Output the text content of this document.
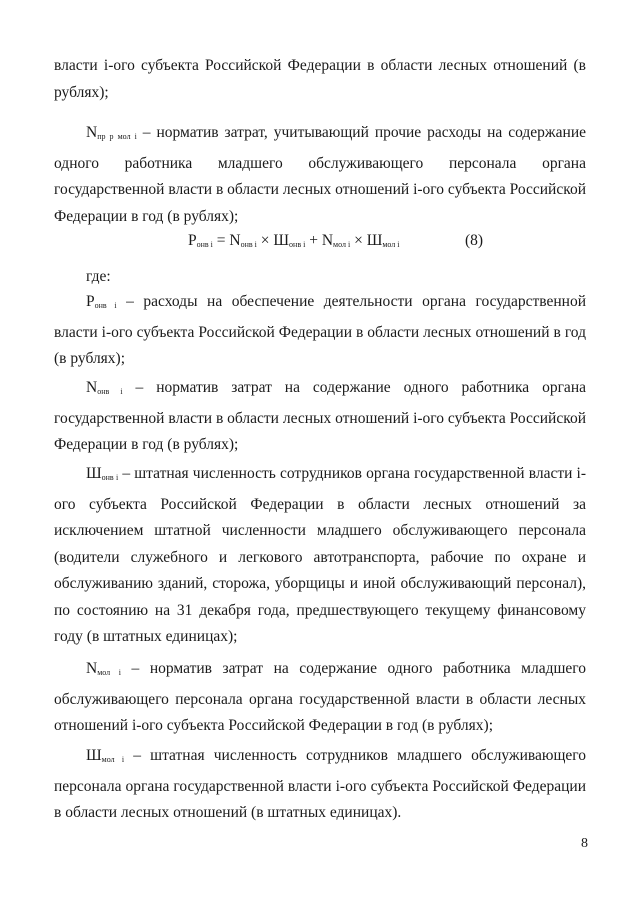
власти i-ого субъекта Российской Федерации в области лесных отношений (в рублях);

$N_{пр р мол i}$ – норматив затрат, учитывающий прочие расходы на содержание одного работника младшего обслуживающего персонала органа государственной власти в области лесных отношений i-ого субъекта Российской Федерации в год (в рублях);

$P_{онв i} = N_{онв i} \times Ш_{онв i} + N_{мол i} \times Ш_{мол i}$	(8)

где:

$P_{онв i}$ – расходы на обеспечение деятельности органа государственной власти i-ого субъекта Российской Федерации в области лесных отношений в год (в рублях);

$N_{онв i}$ – норматив затрат на содержание одного работника органа государственной власти в области лесных отношений i-ого субъекта Российской Федерации в год (в рублях);

$Ш_{онв i}$ – штатная численность сотрудников органа государственной власти i-ого субъекта Российской Федерации в области лесных отношений за исключением штатной численности младшего обслуживающего персонала (водители служебного и легкового автотранспорта, рабочие по охране и обслуживанию зданий, сторожа, уборщицы и иной обслуживающий персонал), по состоянию на 31 декабря года, предшествующего текущему финансовому году (в штатных единицах);

$N_{мол i}$ – норматив затрат на содержание одного работника младшего обслуживающего персонала органа государственной власти в области лесных отношений i-ого субъекта Российской Федерации в год (в рублях);

$Ш_{мол i}$ – штатная численность сотрудников младшего обслуживающего персонала органа государственной власти i-ого субъекта Российской Федерации в области лесных отношений (в штатных единицах).

8
